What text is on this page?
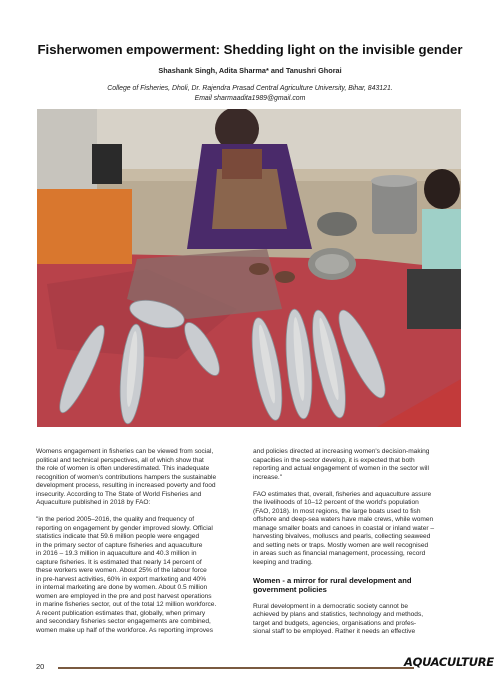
Fisherwomen empowerment: Shedding light on the invisible gender
Shashank Singh, Adita Sharma* and Tanushri Ghorai
College of Fisheries, Dholi, Dr. Rajendra Prasad Central Agriculture University, Bihar, 843121.
Email sharmaadita1989@gmail.com

Womens engagement in fisheries can be viewed from social,
political and technical perspectives, all of which show that
the role of women is often underestimated. This inadequate
recognition of women's contributions hampers the sustainable
development process, resulting in increased poverty and food
insecurity. According to The State of World Fisheries and
Aquaculture published in 2018 by FAO:

"in the period 2005–2016, the quality and frequency of
reporting on engagement by gender improved slowly. Official
statistics indicate that 59.6 million people were engaged
in the primary sector of capture fisheries and aquaculture
in 2016 – 19.3 million in aquaculture and 40.3 million in
capture fisheries. It is estimated that nearly 14 percent of
these workers were women. About 25% of the labour force
in pre-harvest activities, 60% in export marketing and 40%
in internal marketing are done by women. About 0.5 million
women are employed in the pre and post harvest operations
in marine fisheries sector, out of the total 12 million workforce.
A recent publication estimates that, globally, when primary
and secondary fisheries sector engagements are combined,
women make up half of the workforce. As reporting improves

and policies directed at increasing women's decision-making
capacities in the sector develop, it is expected that both
reporting and actual engagement of women in the sector will
increase."

FAO estimates that, overall, fisheries and aquaculture assure
the livelihoods of 10–12 percent of the world's population
(FAO, 2018). In most regions, the large boats used to fish
offshore and deep-sea waters have male crews, while women
manage smaller boats and canoes in coastal or inland water –
harvesting bivalves, molluscs and pearls, collecting seaweed
and setting nets or traps. Mostly women are well recognised
in areas such as financial management, processing, record
keeping and trading.

Women - a mirror for rural development and
government policies

Rural development in a democratic society cannot be
achieved by plans and statistics, technology and methods,
target and budgets, agencies, organisations and profes-
sional staff to be employed. Rather it needs an effective

20	AQUACULTURE
